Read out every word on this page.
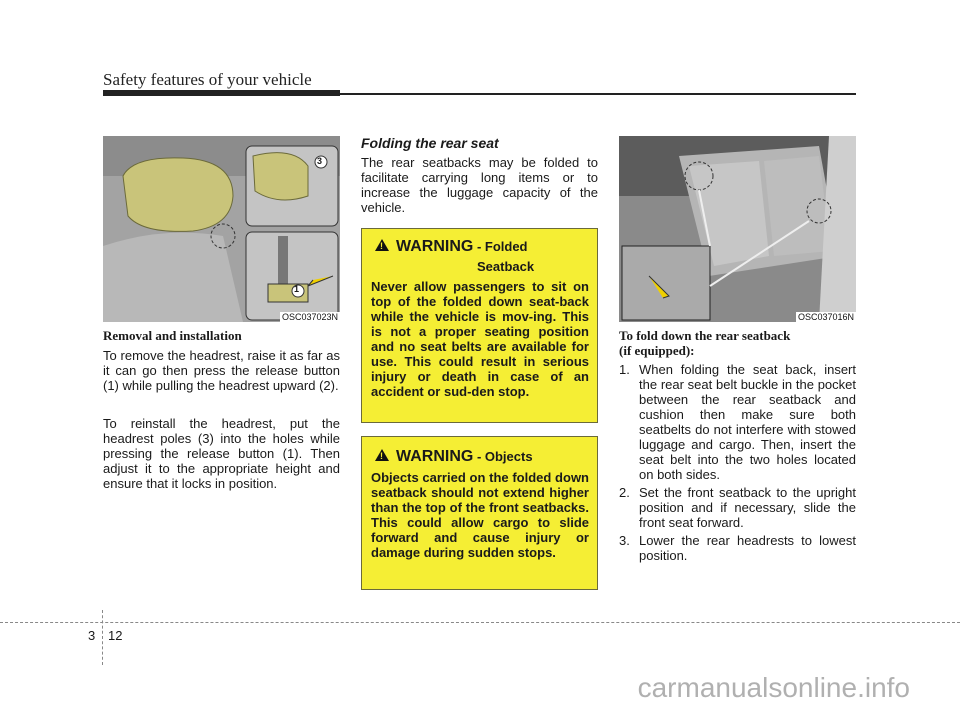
Safety features of your vehicle
3
1
OSC037023N
Removal and installation
To remove the headrest, raise it as far as it can go then press the release button (1) while pulling the headrest upward (2).
To reinstall the headrest, put the headrest poles (3) into the holes while pressing the release button (1). Then adjust it to the appropriate height and ensure that it locks in position.
Folding the rear seat
The rear seatbacks may be folded to facilitate carrying long items or to increase the luggage capacity of the vehicle.
! WARNING - Folded
Seatback
Never allow passengers to sit on top of the folded down seat-back while the vehicle is mov-ing. This is not a proper seating position and no seat belts are available for use. This could result in serious injury or death in case of an accident or sud-den stop.
! WARNING - Objects
Objects carried on the folded down seatback should not extend higher than the top of the front seatbacks. This could allow cargo to slide forward and cause injury or damage during sudden stops.
OSC037016N
To fold down the rear seatback
(if equipped):
1. When folding the seat back, insert the rear seat belt buckle in the pocket between the rear seatback and cushion then make sure both seatbelts do not interfere with stowed luggage and cargo. Then, insert the seat belt into the two holes located on both sides.
2. Set the front seatback to the upright position and if necessary, slide the front seat forward.
3. Lower the rear headrests to lowest position.
3 12
carmanualsonline.info
